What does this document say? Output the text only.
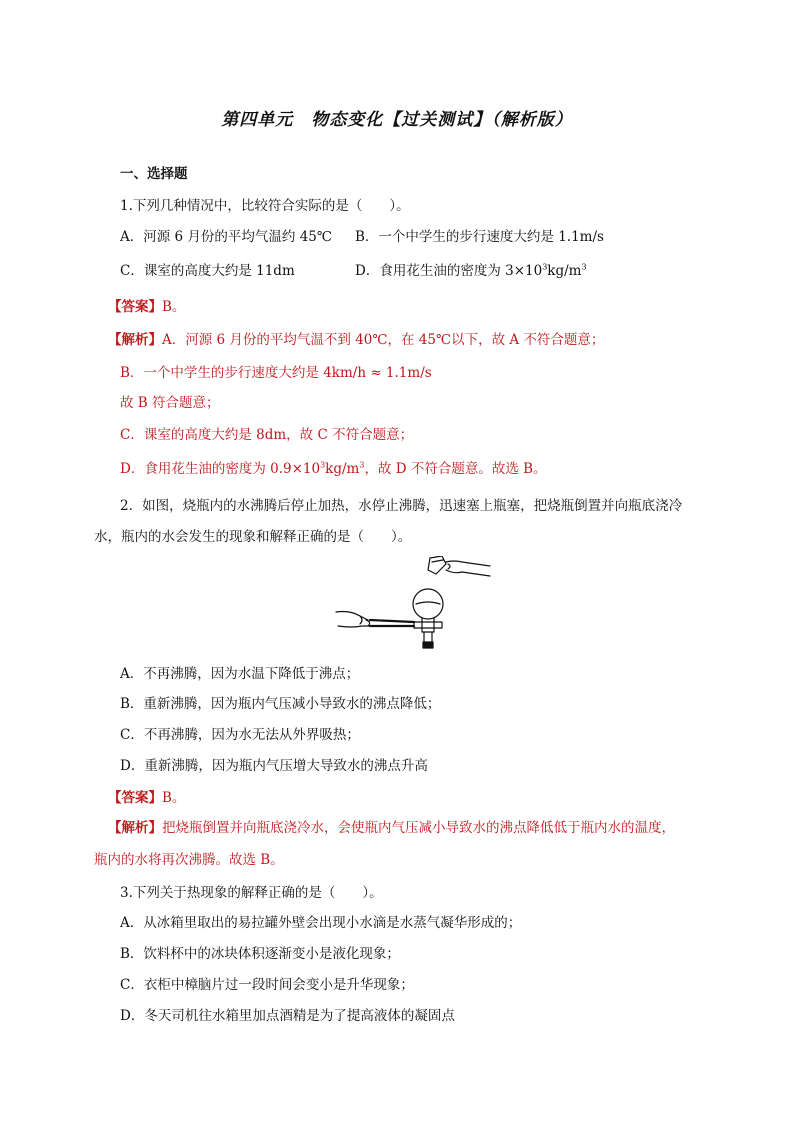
第四单元　物态变化【过关测试】（解析版）
一、选择题
1.下列几种情况中，比较符合实际的是（　　）。
A．河源 6 月份的平均气温约 45℃ B．一个中学生的步行速度大约是 1.1m/s
C．课室的高度大约是 11dm	D．食用花生油的密度为 $3\times 10^3kg/m^3$
【答案】B。
【解析】A．河源 6 月份的平均气温不到 40℃，在 45℃以下，故 A 不符合题意；
B．一个中学生的步行速度大约是 4km/h ≈ 1.1m/s
故 B 符合题意；
C．课室的高度大约是 8dm，故 C 不符合题意；
D．食用花生油的密度为 $0.9\times 10^3kg/m^3$，故 D 不符合题意。故选 B。
2．如图，烧瓶内的水沸腾后停止加热，水停止沸腾，迅速塞上瓶塞，把烧瓶倒置并向瓶底浇冷
水，瓶内的水会发生的现象和解释正确的是（　　）。
A．不再沸腾，因为水温下降低于沸点；
B．重新沸腾，因为瓶内气压减小导致水的沸点降低；
C．不再沸腾，因为水无法从外界吸热；
D．重新沸腾，因为瓶内气压增大导致水的沸点升高
【答案】B。
【解析】把烧瓶倒置并向瓶底浇冷水，会使瓶内气压减小导致水的沸点降低低于瓶内水的温度，
瓶内的水将再次沸腾。故选 B。
3.下列关于热现象的解释正确的是（　　）。
A．从冰箱里取出的易拉罐外壁会出现小水滴是水蒸气凝华形成的；
B．饮料杯中的冰块体积逐渐变小是液化现象；
C．衣柜中樟脑片过一段时间会变小是升华现象；
D．冬天司机往水箱里加点酒精是为了提高液体的凝固点
